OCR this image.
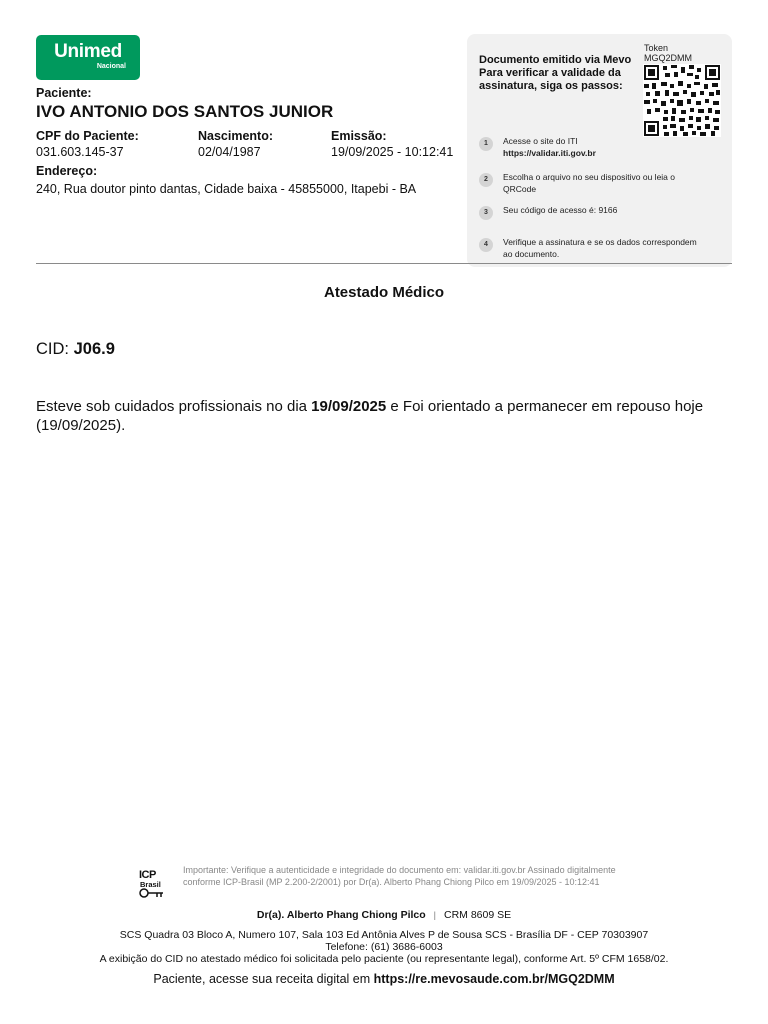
Unimed
Nacional
Paciente:
IVO ANTONIO DOS SANTOS JUNIOR
CPF do Paciente:
031.603.145-37
Nascimento:
02/04/1987
Emissão:
19/09/2025 - 10:12:41
Endereço:
240, Rua doutor pinto dantas, Cidade baixa - 45855000, Itapebi - BA
Documento emitido via Mevo Para verificar a validade da assinatura, siga os passos:
Token
MGQ2DMM
1	Acesse o site do ITI
https://validar.iti.gov.br
2	Escolha o arquivo no seu dispositivo ou leia o QRCode
3	Seu código de acesso é: 9166
4	Verifique a assinatura e se os dados correspondem ao documento.
Atestado Médico
CID: J06.9
Esteve sob cuidados profissionais no dia 19/09/2025 e Foi orientado a permanecer em repouso hoje (19/09/2025).
ICP
Brasil
Importante: Verifique a autenticidade e integridade do documento em: validar.iti.gov.br Assinado digitalmente conforme ICP-Brasil (MP 2.200-2/2001) por Dr(a). Alberto Phang Chiong Pilco em 19/09/2025 - 10:12:41
Dr(a). Alberto Phang Chiong Pilco | CRM 8609 SE
SCS Quadra 03 Bloco A, Numero 107, Sala 103 Ed Antônia Alves P de Sousa SCS - Brasília DF - CEP 70303907
Telefone: (61) 3686-6003
A exibição do CID no atestado médico foi solicitada pelo paciente (ou representante legal), conforme Art. 5º CFM 1658/02.
Paciente, acesse sua receita digital em https://re.mevosaude.com.br/MGQ2DMM
